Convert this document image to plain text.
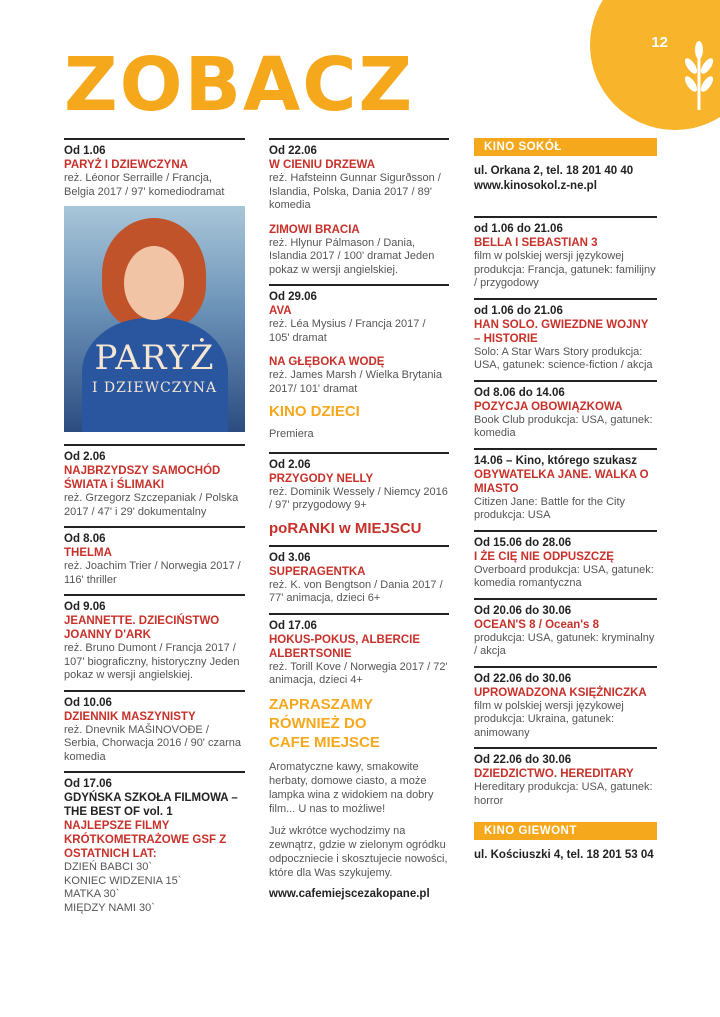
12
ZOBACZ
Od 1.06
PARYŻ I DZIEWCZYNA
reż. Léonor Serraille / Francja, Belgia 2017 / 97' komediodramat
PARYŻ
I DZIEWCZYNA
Od 2.06
NAJBRZYDSZY SAMOCHÓD ŚWIATA i ŚLIMAKI
reż. Grzegorz Szczepaniak / Polska 2017 / 47' i 29' dokumentalny
Od 8.06
THELMA
reż. Joachim Trier / Norwegia 2017 / 116' thriller
Od 9.06
JEANNETTE. DZIECIŃSTWO JOANNY D'ARK
reż. Bruno Dumont / Francja 2017 / 107' biograficzny, historyczny Jeden pokaz w wersji angielskiej.
Od 10.06
DZIENNIK MASZYNISTY
reż. Dnevnik MAŠINOVOĐE / Serbia, Chorwacja 2016 / 90' czarna komedia
Od 17.06
GDYŃSKA SZKOŁA FILMOWA – THE BEST OF vol. 1
NAJLEPSZE FILMY KRÓTKOMETRAŻOWE GSF Z OSTATNICH LAT:
DZIEŃ BABCI 30`
KONIEC WIDZENIA 15`
MATKA 30`
MIĘDZY NAMI 30`
Od 22.06
W CIENIU DRZEWA
reż. Hafsteinn Gunnar Sigurðsson / Islandia, Polska, Dania 2017 / 89' komedia
ZIMOWI BRACIA
reż. Hlynur Pálmason / Dania, Islandia 2017 / 100' dramat Jeden pokaz w wersji angielskiej.
Od 29.06
AVA
reż. Léa Mysius / Francja 2017 / 105' dramat
NA GŁĘBOKA WODĘ
reż. James Marsh / Wielka Brytania 2017/ 101' dramat
KINO DZIECI
Premiera
Od 2.06
PRZYGODY NELLY
reż. Dominik Wessely / Niemcy 2016 / 97' przygodowy 9+
poRANKI w MIEJSCU
Od 3.06
SUPERAGENTKA
reż. K. von Bengtson / Dania 2017 / 77' animacja, dzieci 6+
Od 17.06
HOKUS-POKUS, ALBERCIE ALBERTSONIE
reż. Torill Kove / Norwegia 2017 / 72' animacja, dzieci 4+
ZAPRASZAMY RÓWNIEŻ DO CAFE MIEJSCE
Aromatyczne kawy, smakowite herbaty, domowe ciasto, a może lampka wina z widokiem na dobry film... U nas to możliwe!
Już wkrótce wychodzimy na zewnątrz, gdzie w zielonym ogródku odpoczniecie i skosztujecie nowości, które dla Was szykujemy.
www.cafemiejscezakopane.pl
KINO SOKÓŁ
ul. Orkana 2, tel. 18 201 40 40
www.kinosokol.z-ne.pl
od 1.06 do 21.06
BELLA I SEBASTIAN 3
film w polskiej wersji językowej produkcja: Francja, gatunek: familijny / przygodowy
od 1.06 do 21.06
HAN SOLO. GWIEZDNE WOJNY – HISTORIE
Solo: A Star Wars Story produkcja: USA, gatunek: science-fiction / akcja
Od 8.06 do 14.06
POZYCJA OBOWIĄZKOWA
Book Club produkcja: USA, gatunek: komedia
14.06 – Kino, którego szukasz
OBYWATELKA JANE. WALKA O MIASTO
Citizen Jane: Battle for the City produkcja: USA
Od 15.06 do 28.06
I ŻE CIĘ NIE ODPUSZCZĘ
Overboard produkcja: USA, gatunek: komedia romantyczna
Od 20.06 do 30.06
OCEAN'S 8 / Ocean's 8
produkcja: USA, gatunek: kryminalny / akcja
Od 22.06 do 30.06
UPROWADZONA KSIĘŻNICZKA
film w polskiej wersji językowej produkcja: Ukraina, gatunek: animowany
Od 22.06 do 30.06
DZIEDZICTWO. HEREDITARY
Hereditary produkcja: USA, gatunek: horror
KINO GIEWONT
ul. Kościuszki 4, tel. 18 201 53 04
